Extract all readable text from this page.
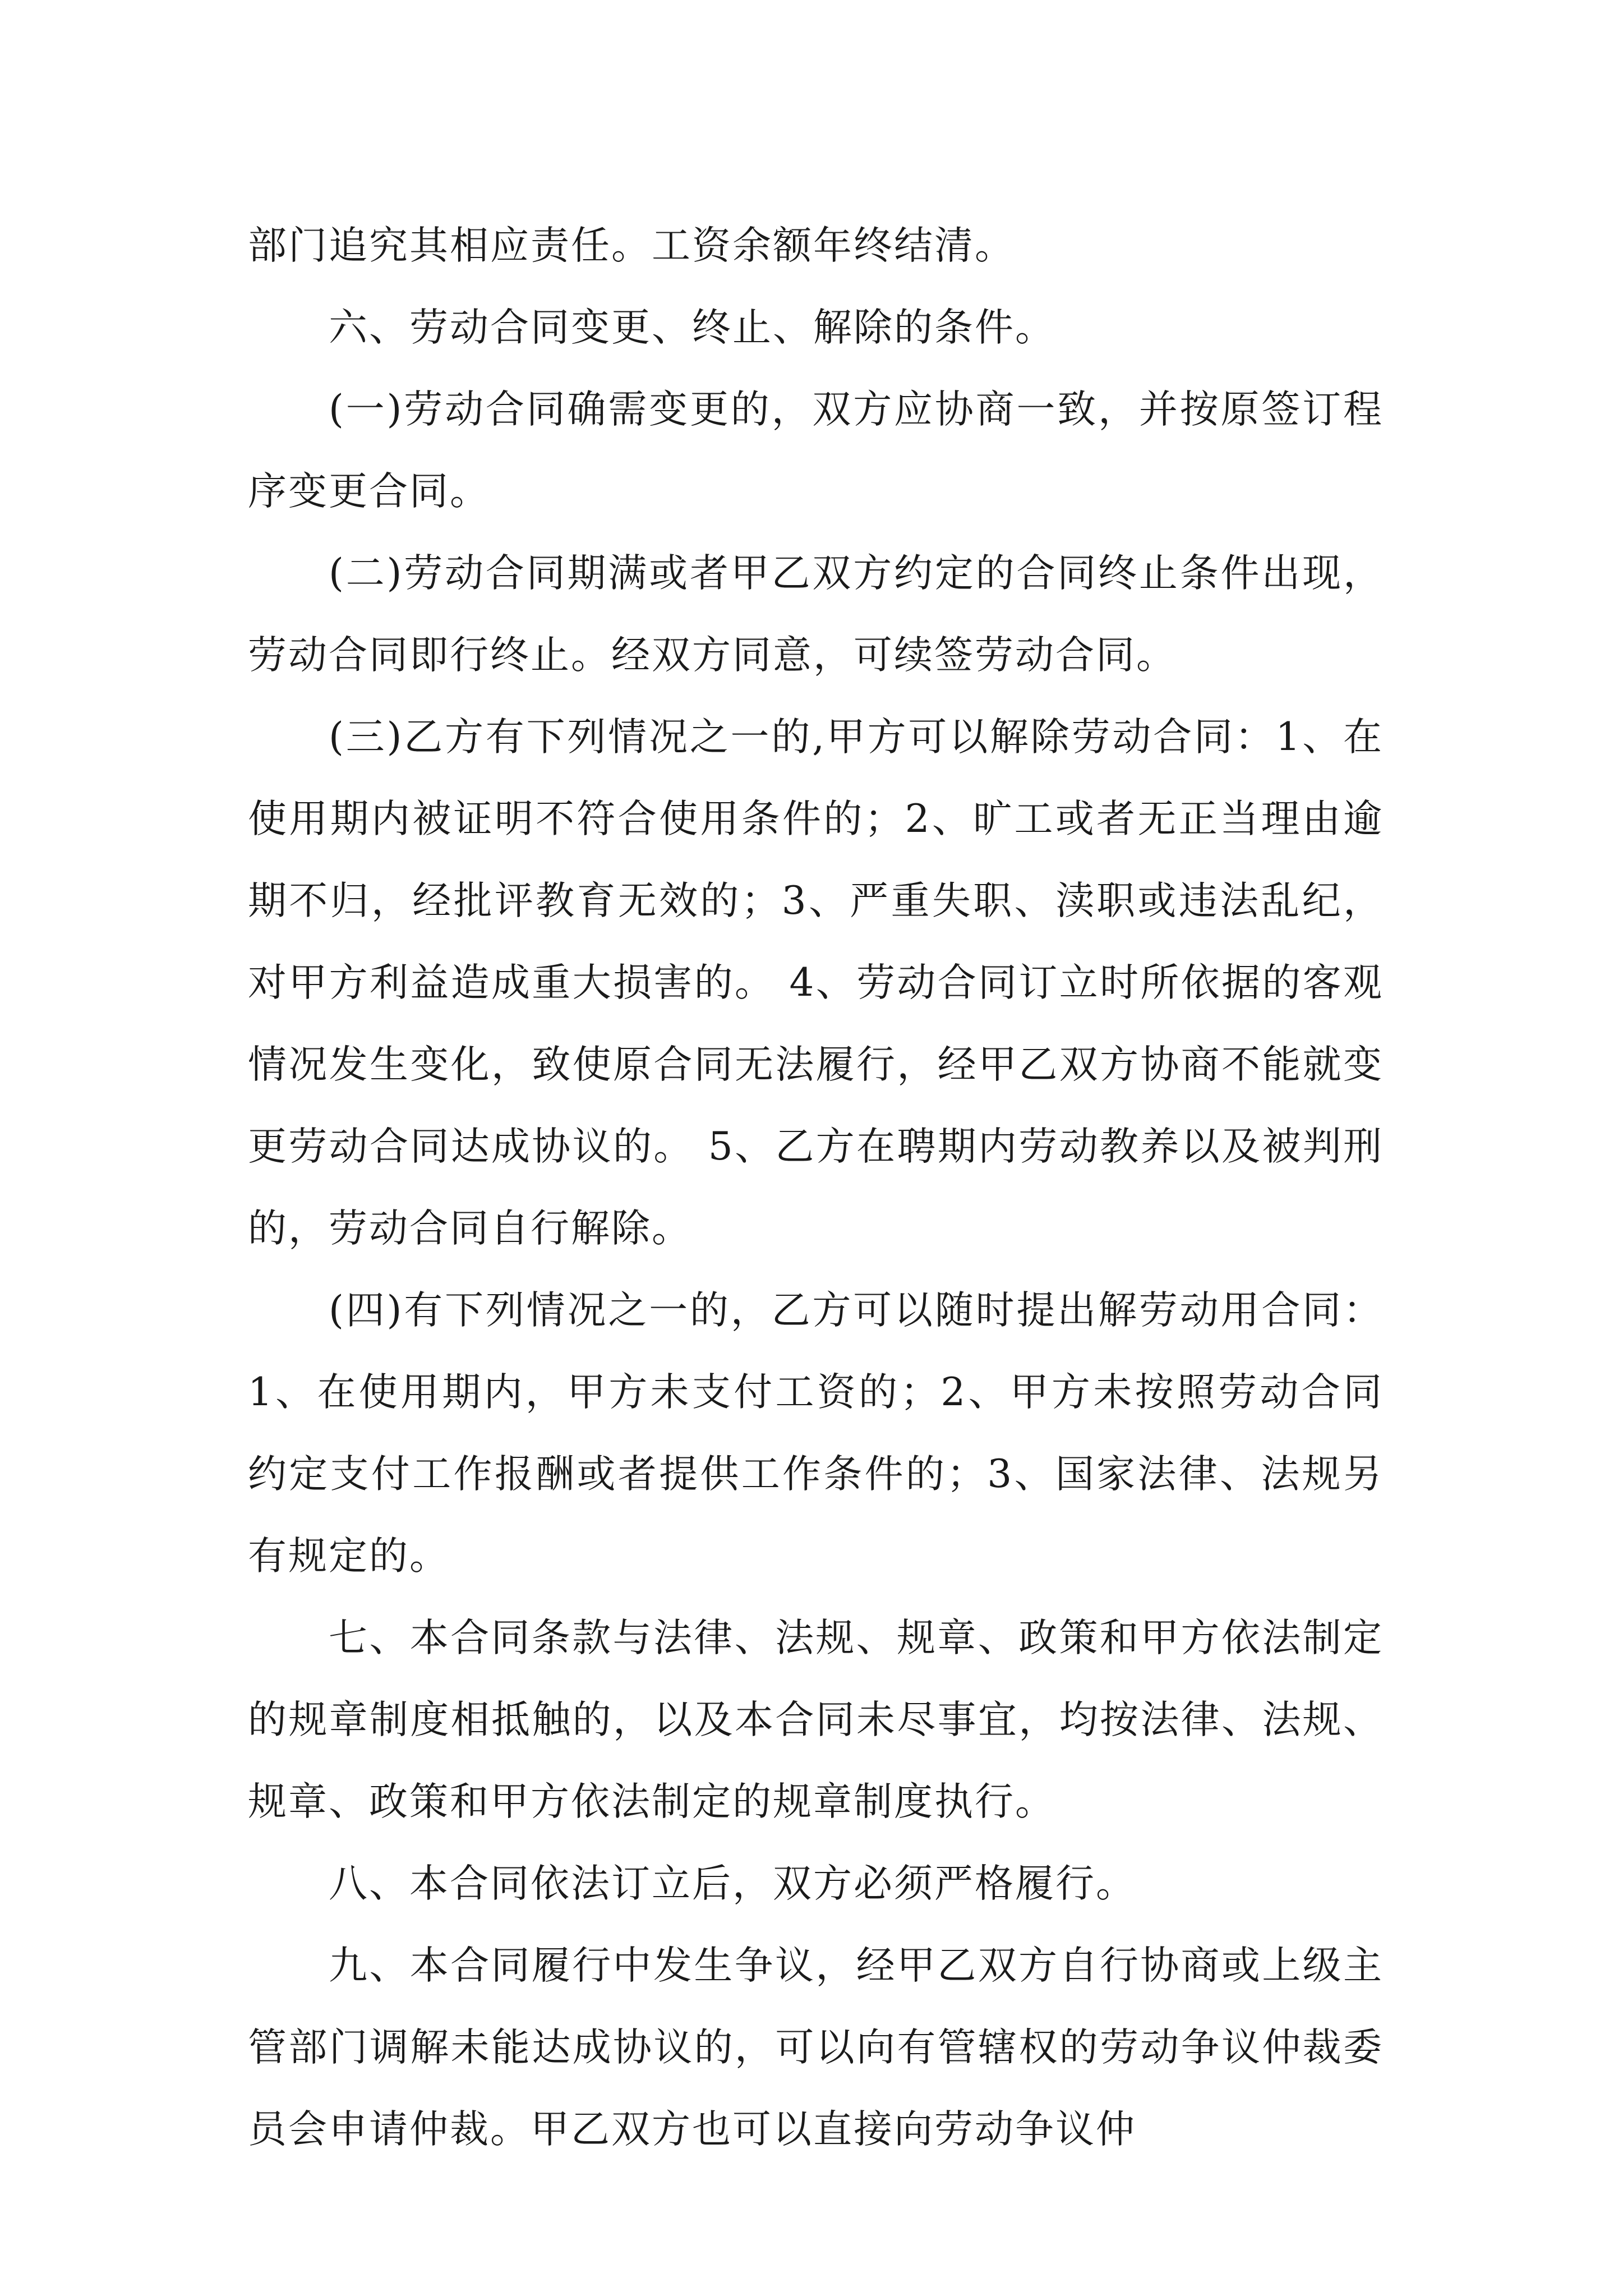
部门追究其相应责任。工资余额年终结清。

六、劳动合同变更、终止、解除的条件。

(一)劳动合同确需变更的，双方应协商一致，并按原签订程序变更合同。

(二)劳动合同期满或者甲乙双方约定的合同终止条件出现，劳动合同即行终止。经双方同意，可续签劳动合同。

(三)乙方有下列情况之一的,甲方可以解除劳动合同：1、在使用期内被证明不符合使用条件的；2、旷工或者无正当理由逾期不归，经批评教育无效的；3、严重失职、渎职或违法乱纪，对甲方利益造成重大损害的。 4、劳动合同订立时所依据的客观情况发生变化，致使原合同无法履行，经甲乙双方协商不能就变更劳动合同达成协议的。 5、乙方在聘期内劳动教养以及被判刑的，劳动合同自行解除。

(四)有下列情况之一的，乙方可以随时提出解劳动用合同： 1、在使用期内，甲方未支付工资的；2、甲方未按照劳动合同约定支付工作报酬或者提供工作条件的；3、国家法律、法规另有规定的。

七、本合同条款与法律、法规、规章、政策和甲方依法制定的规章制度相抵触的，以及本合同未尽事宜，均按法律、法规、规章、政策和甲方依法制定的规章制度执行。

八、本合同依法订立后，双方必须严格履行。

九、本合同履行中发生争议，经甲乙双方自行协商或上级主管部门调解未能达成协议的，可以向有管辖权的劳动争议仲裁委员会申请仲裁。甲乙双方也可以直接向劳动争议仲
